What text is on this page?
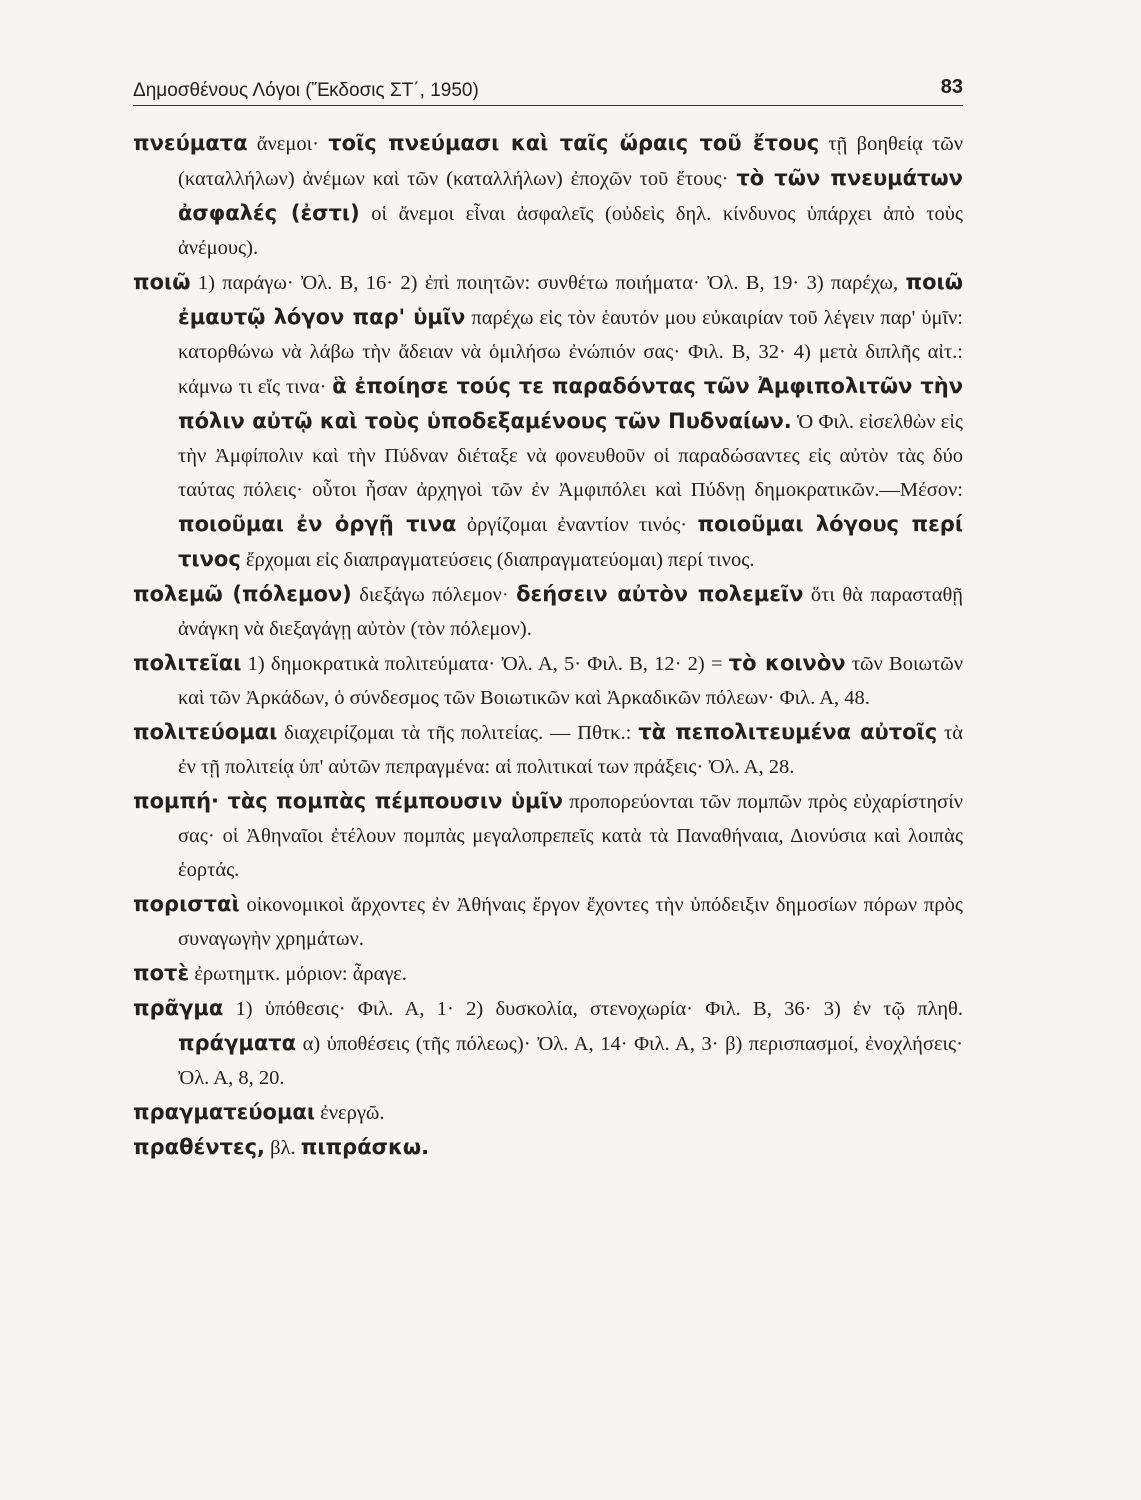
Δημοσθένους Λόγοι (Ἔκδοσις ΣΤ΄, 1950)	83

πνεύματα ἄνεμοι· τοῖς πνεύμασι καὶ ταῖς ὥραις τοῦ ἔτους τῇ βοηθείᾳ τῶν (καταλλήλων) ἀνέμων καὶ τῶν (καταλλήλων) ἐποχῶν τοῦ ἔτους· τὸ τῶν πνευμάτων ἀσφαλές (ἐστι) οἱ ἄνεμοι εἶναι ἀσφαλεῖς (οὐδεὶς δηλ. κίνδυνος ὑπάρχει ἀπὸ τοὺς ἀνέμους).

ποιῶ 1) παράγω· Ὀλ. Β, 16· 2) ἐπὶ ποιητῶν: συνθέτω ποιήματα· Ὀλ. Β, 19· 3) παρέχω, ποιῶ ἐμαυτῷ λόγον παρ' ὑμῖν παρέχω εἰς τὸν ἑαυτόν μου εὐκαιρίαν τοῦ λέγειν παρ' ὑμῖν: κατορθώνω νὰ λάβω τὴν ἄδειαν νὰ ὁμιλήσω ἐνώπιόν σας· Φιλ. Β, 32· 4) μετὰ διπλῆς αἰτ.: κάμνω τι εἴς τινα· ἃ ἐποίησε τούς τε παραδόντας τῶν Ἀμφιπολιτῶν τὴν πόλιν αὐτῷ καὶ τοὺς ὑποδεξαμένους τῶν Πυδναίων. Ὁ Φιλ. εἰσελθὼν εἰς τὴν Ἀμφίπολιν καὶ τὴν Πύδναν διέταξε νὰ φονευθοῦν οἱ παραδώσαντες εἰς αὐτὸν τὰς δύο ταύτας πόλεις· οὗτοι ἦσαν ἀρχηγοὶ τῶν ἐν Ἀμφιπόλει καὶ Πύδνῃ δημοκρατικῶν.—Μέσον: ποιοῦμαι ἐν ὀργῇ τινα ὀργίζομαι ἐναντίον τινός· ποιοῦμαι λόγους περί τινος ἔρχομαι εἰς διαπραγματεύσεις (διαπραγματεύομαι) περί τινος.

πολεμῶ (πόλεμον) διεξάγω πόλεμον· δεήσειν αὐτὸν πολεμεῖν ὅτι θὰ παρασταθῇ ἀνάγκη νὰ διεξαγάγῃ αὐτὸν (τὸν πόλεμον).

πολιτεῖαι 1) δημοκρατικὰ πολιτεύματα· Ὀλ. Α, 5· Φιλ. Β, 12· 2) = τὸ κοινὸν τῶν Βοιωτῶν καὶ τῶν Ἀρκάδων, ὁ σύνδεσμος τῶν Βοιωτικῶν καὶ Ἀρκαδικῶν πόλεων· Φιλ. Α, 48.

πολιτεύομαι διαχειρίζομαι τὰ τῆς πολιτείας. — Πθτκ.: τὰ πεπολιτευμένα αὐτοῖς τὰ ἐν τῇ πολιτείᾳ ὑπ' αὐτῶν πεπραγμένα: αἱ πολιτικαί των πράξεις· Ὀλ. Α, 28.

πομπή· τὰς πομπὰς πέμπουσιν ὑμῖν προπορεύονται τῶν πομπῶν πρὸς εὐχαρίστησίν σας· οἱ Ἀθηναῖοι ἐτέλουν πομπὰς μεγαλοπρεπεῖς κατὰ τὰ Παναθήναια, Διονύσια καὶ λοιπὰς ἑορτάς.

πορισταὶ οἰκονομικοὶ ἄρχοντες ἐν Ἀθήναις ἔργον ἔχοντες τὴν ὑπόδειξιν δημοσίων πόρων πρὸς συναγωγὴν χρημάτων.

ποτὲ ἐρωτημτκ. μόριον: ἆραγε.

πρᾶγμα 1) ὑπόθεσις· Φιλ. Α, 1· 2) δυσκολία, στενοχωρία· Φιλ. Β, 36· 3) ἐν τῷ πληθ. πράγματα α) ὑποθέσεις (τῆς πόλεως)· Ὀλ. Α, 14· Φιλ. Α, 3· β) περισπασμοί, ἐνοχλήσεις· Ὀλ. Α, 8, 20.

πραγματεύομαι ἐνεργῶ.

πραθέντες, βλ. πιπράσκω.
